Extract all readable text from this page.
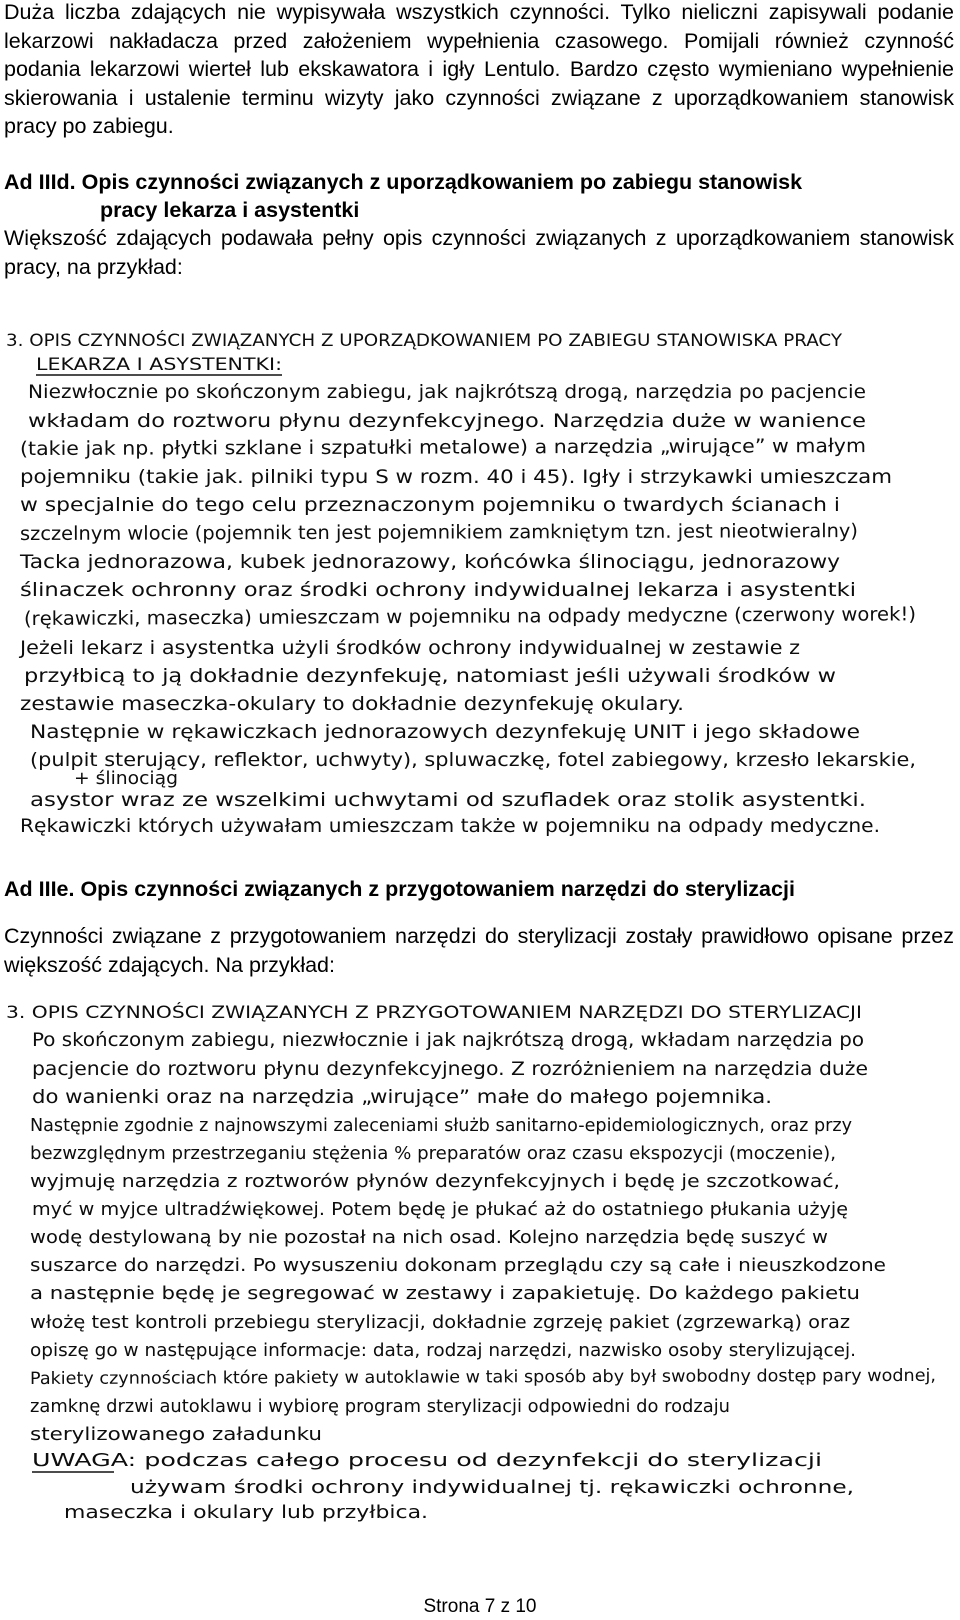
Duża liczba zdających nie wypisywała wszystkich czynności. Tylko nieliczni zapisywali podanie lekarzowi nakładacza przed założeniem wypełnienia czasowego. Pomijali również czynność podania lekarzowi wierteł lub ekskawatora i igły Lentulo. Bardzo często wymieniano wypełnienie skierowania i ustalenie terminu wizyty jako czynności związane z uporządkowaniem stanowisk pracy po zabiegu.

Ad IIId. Opis czynności związanych z uporządkowaniem po zabiegu stanowisk
pracy lekarza i asystentki

Większość zdających podawała pełny opis czynności związanych z uporządkowaniem stanowisk pracy, na przykład:

3. OPIS CZYNNOŚCI ZWIĄZANYCH Z UPORZĄDKOWANIEM PO ZABIEGU STANOWISKA PRACY
LEKARZA I ASYSTENTKI:
Niezwłocznie po skończonym zabiegu, jak najkrótszą drogą, narzędzia po pacjencie
wkładam do roztworu płynu dezynfekcyjnego. Narzędzia duże w wanience
(takie jak np. płytki szklane i szpatułki metalowe) a narzędzia „wirujące” w małym
pojemniku (takie jak. pilniki typu S w rozm. 40 i 45). Igły i strzykawki umieszczam
w specjalnie do tego celu przeznaczonym pojemniku o twardych ścianach i
szczelnym wlocie (pojemnik ten jest pojemnikiem zamkniętym tzn. jest nieotwieralny)
Tacka jednorazowa, kubek jednorazowy, końcówka ślinociągu, jednorazowy
ślinaczek ochronny oraz środki ochrony indywidualnej lekarza i asystentki
(rękawiczki, maseczka) umieszczam w pojemniku na odpady medyczne (czerwony worek!)
Jeżeli lekarz i asystentka użyli środków ochrony indywidualnej w zestawie z
przyłbicą to ją dokładnie dezynfekuję, natomiast jeśli używali środków w
zestawie maseczka-okulary to dokładnie dezynfekuję okulary.
Następnie w rękawiczkach jednorazowych dezynfekuję UNIT i jego składowe
(pulpit sterujący, reflektor, uchwyty), spluwaczkę, fotel zabiegowy, krzesło lekarskie,
+ ślinociąg
asystor wraz ze wszelkimi uchwytami od szufladek oraz stolik asystentki.
Rękawiczki których używałam umieszczam także w pojemniku na odpady medyczne.
Ad IIIe. Opis czynności związanych z przygotowaniem narzędzi do sterylizacji

Czynności związane z przygotowaniem narzędzi do sterylizacji zostały prawidłowo opisane przez większość zdających. Na przykład:

3. OPIS CZYNNOŚCI ZWIĄZANYCH Z PRZYGOTOWANIEM NARZĘDZI DO STERYLIZACJI
Po skończonym zabiegu, niezwłocznie i jak najkrótszą drogą, wkładam narzędzia po
pacjencie do roztworu płynu dezynfekcyjnego. Z rozróżnieniem na narzędzia duże
do wanienki oraz na narzędzia „wirujące” małe do małego pojemnika.
Następnie zgodnie z najnowszymi zaleceniami służb sanitarno-epidemiologicznych, oraz przy
bezwzględnym przestrzeganiu stężenia % preparatów oraz czasu ekspozycji (moczenie),
wyjmuję narzędzia z roztworów płynów dezynfekcyjnych i będę je szczotkować,
myć w myjce ultradźwiękowej. Potem będę je płukać aż do ostatniego płukania użyję
wodę destylowaną by nie pozostał na nich osad. Kolejno narzędzia będę suszyć w
suszarce do narzędzi. Po wysuszeniu dokonam przeglądu czy są całe i nieuszkodzone
a następnie będę je segregować w zestawy i zapakietuję. Do każdego pakietu
włożę test kontroli przebiegu sterylizacji, dokładnie zgrzeję pakiet (zgrzewarką) oraz
opiszę go w następujące informacje: data, rodzaj narzędzi, nazwisko osoby sterylizującej.
Pakiety czynnościach które pakiety w autoklawie w taki sposób aby był swobodny dostęp pary wodnej,
zamknę drzwi autoklawu i wybiorę program sterylizacji odpowiedni do rodzaju
sterylizowanego załadunku
UWAGA: podczas całego procesu od dezynfekcji do sterylizacji
używam środki ochrony indywidualnej tj. rękawiczki ochronne,
maseczka i okulary lub przyłbica.
Strona 7 z 10
